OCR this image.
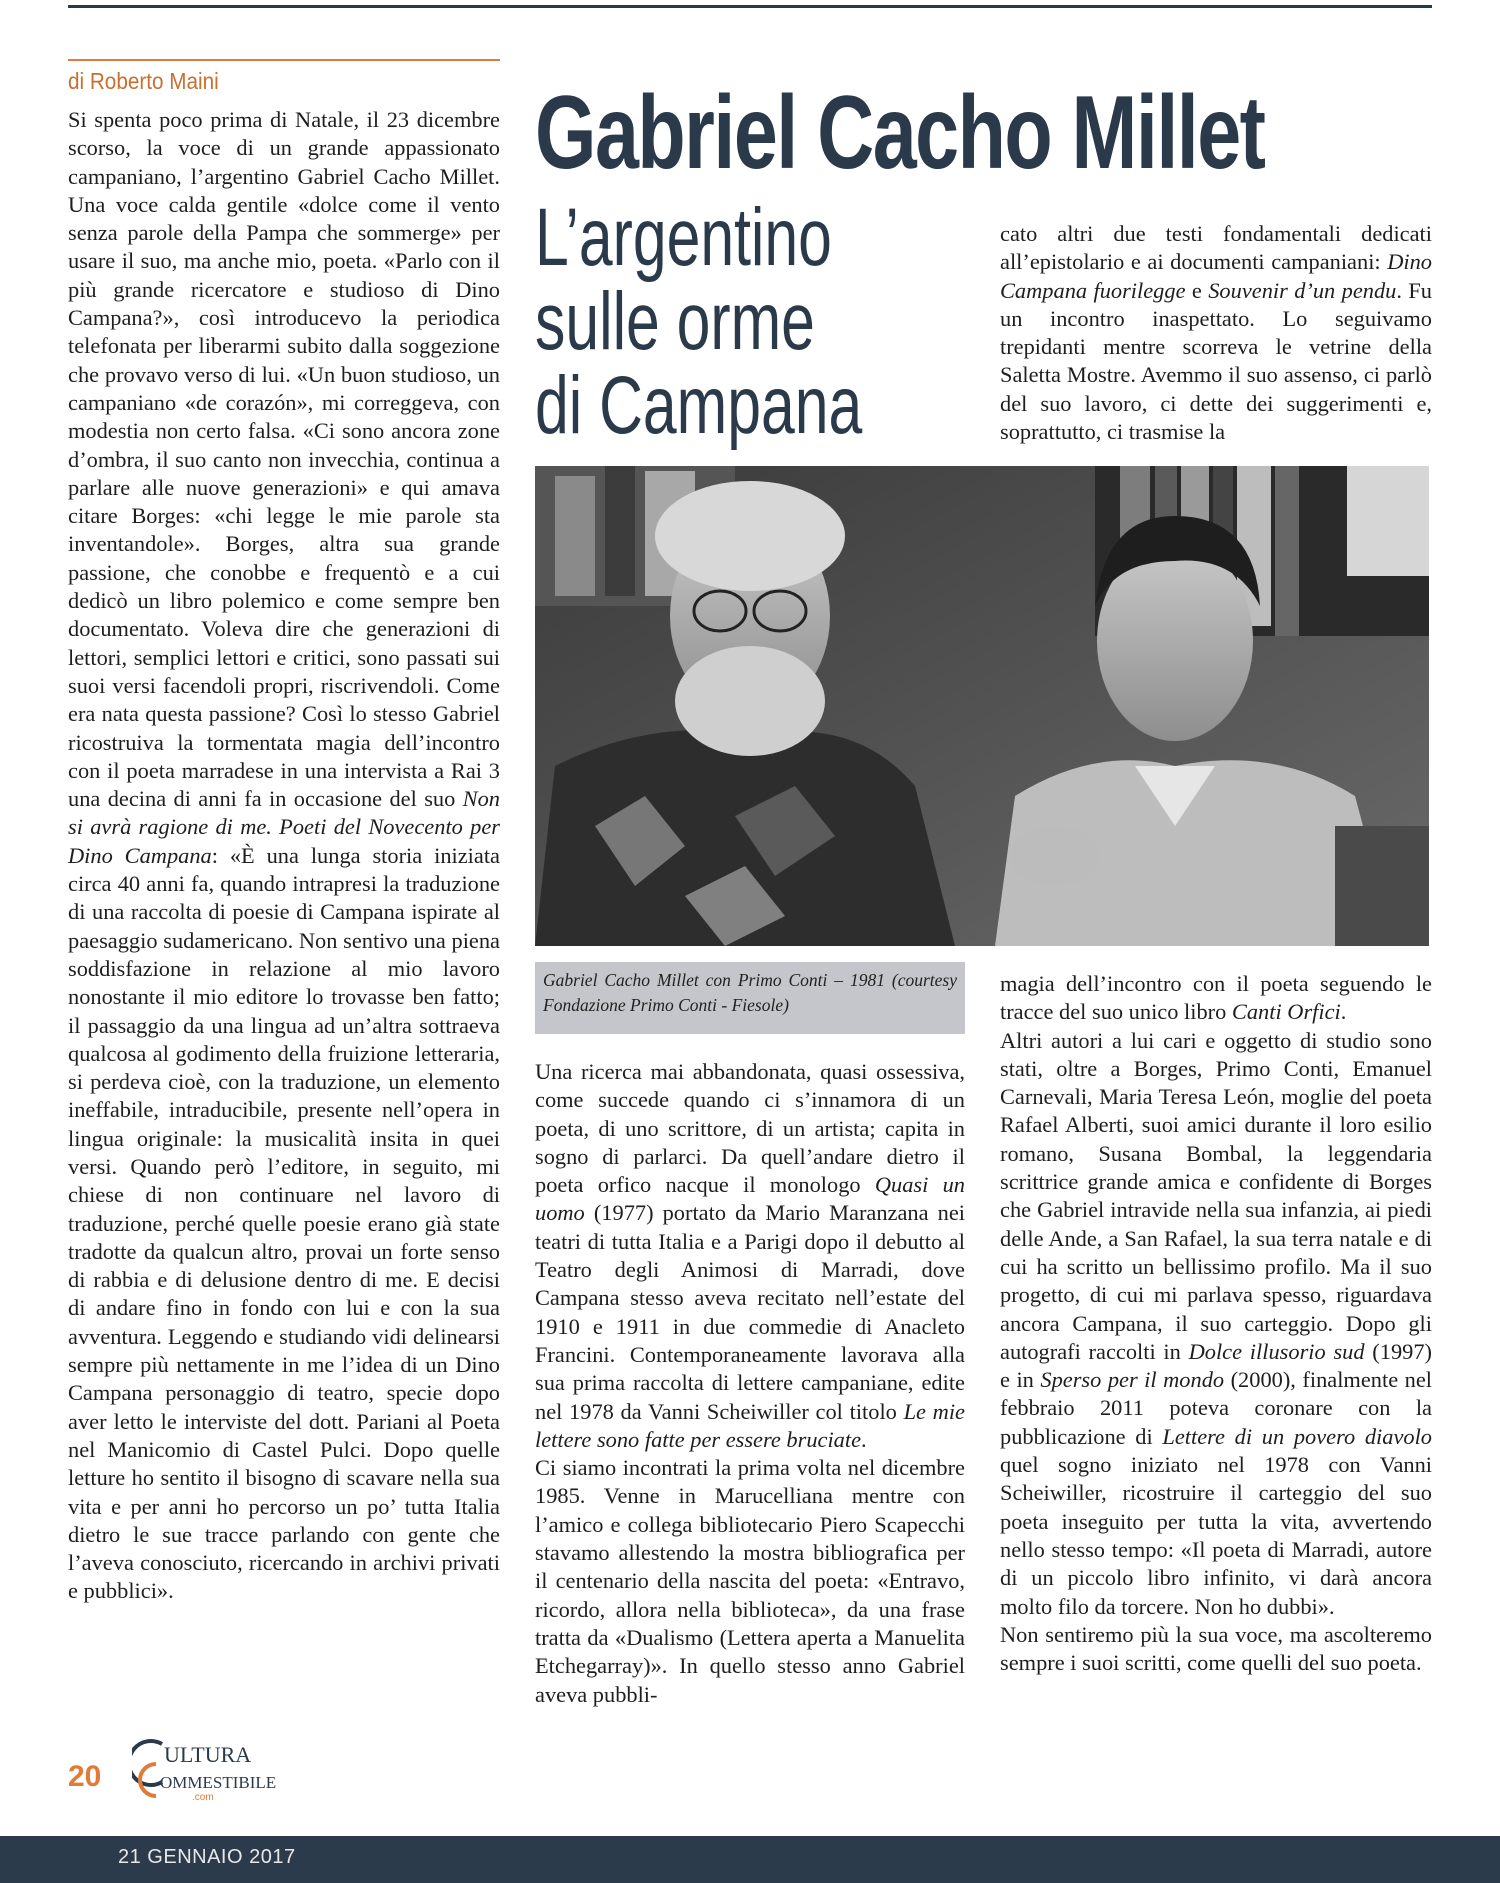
di Roberto Maini

Si spenta poco prima di Natale, il 23 dicembre scorso, la voce di un grande appassionato campaniano, l’argentino Gabriel Cacho Millet. Una voce calda gentile «dolce come il vento senza parole della Pampa che sommerge» per usare il suo, ma anche mio, poeta. «Parlo con il più grande ricercatore e studioso di Dino Campana?», così introducevo la periodica telefonata per liberarmi subito dalla soggezione che provavo verso di lui. «Un buon studioso, un campaniano «de corazón», mi correggeva, con modestia non certo falsa. «Ci sono ancora zone d’ombra, il suo canto non invecchia, continua a parlare alle nuove generazioni» e qui amava citare Borges: «chi legge le mie parole sta inventandole». Borges, altra sua grande passione, che conobbe e frequentò e a cui dedicò un libro polemico e come sempre ben documentato. Voleva dire che generazioni di lettori, semplici lettori e critici, sono passati sui suoi versi facendoli propri, riscrivendoli. Come era nata questa passione? Così lo stesso Gabriel ricostruiva la tormentata magia dell’incontro con il poeta marradese in una intervista a Rai 3 una decina di anni fa in occasione del suo Non si avrà ragione di me. Poeti del Novecento per Dino Campana: «È una lunga storia iniziata circa 40 anni fa, quando intrapresi la traduzione di una raccolta di poesie di Campana ispirate al paesaggio sudamericano. Non sentivo una piena soddisfazione in relazione al mio lavoro nonostante il mio editore lo trovasse ben fatto; il passaggio da una lingua ad un’altra sottraeva qualcosa al godimento della fruizione letteraria, si perdeva cioè, con la traduzione, un elemento ineffabile, intraducibile, presente nell’opera in lingua originale: la musicalità insita in quei versi. Quando però l’editore, in seguito, mi chiese di non continuare nel lavoro di traduzione, perché quelle poesie erano già state tradotte da qualcun altro, provai un forte senso di rabbia e di delusione dentro di me. E decisi di andare fino in fondo con lui e con la sua avventura. Leggendo e studiando vidi delinearsi sempre più nettamente in me l’idea di un Dino Campana personaggio di teatro, specie dopo aver letto le interviste del dott. Pariani al Poeta nel Manicomio di Castel Pulci. Dopo quelle letture ho sentito il bisogno di scavare nella sua vita e per anni ho percorso un po’ tutta Italia dietro le sue tracce parlando con gente che l’aveva conosciuto, ricercando in archivi privati e pubblici».

Gabriel Cacho Millet
L’argentino
sulle orme
di Campana

cato altri due testi fondamentali dedicati all’epistolario e ai documenti campaniani: Dino Campana fuorilegge e Souvenir d’un pendu. Fu un incontro inaspettato. Lo seguivamo trepidanti mentre scorreva le vetrine della Saletta Mostre. Avemmo il suo assenso, ci parlò del suo lavoro, ci dette dei suggerimenti e, soprattutto, ci trasmise la

Gabriel Cacho Millet con Primo Conti – 1981 (courtesy Fondazione Primo Conti - Fiesole)

Una ricerca mai abbandonata, quasi ossessiva, come succede quando ci s’innamora di un poeta, di uno scrittore, di un artista; capita in sogno di parlarci. Da quell’andare dietro il poeta orfico nacque il monologo Quasi un uomo (1977) portato da Mario Maranzana nei teatri di tutta Italia e a Parigi dopo il debutto al Teatro degli Animosi di Marradi, dove Campana stesso aveva recitato nell’estate del 1910 e 1911 in due commedie di Anacleto Francini. Contemporaneamente lavorava alla sua prima raccolta di lettere campaniane, edite nel 1978 da Vanni Scheiwiller col titolo Le mie lettere sono fatte per essere bruciate.

Ci siamo incontrati la prima volta nel dicembre 1985. Venne in Marucelliana mentre con l’amico e collega bibliotecario Piero Scapecchi stavamo allestendo la mostra bibliografica per il centenario della nascita del poeta: «Entravo, ricordo, allora nella biblioteca», da una frase tratta da «Dualismo (Lettera aperta a Manuelita Etchegarray)». In quello stesso anno Gabriel aveva pubbli-

magia dell’incontro con il poeta seguendo le tracce del suo unico libro Canti Orfici.

Altri autori a lui cari e oggetto di studio sono stati, oltre a Borges, Primo Conti, Emanuel Carnevali, Maria Teresa León, moglie del poeta Rafael Alberti, suoi amici durante il loro esilio romano, Susana Bombal, la leggendaria scrittrice grande amica e confidente di Borges che Gabriel intravide nella sua infanzia, ai piedi delle Ande, a San Rafael, la sua terra natale e di cui ha scritto un bellissimo profilo. Ma il suo progetto, di cui mi parlava spesso, riguardava ancora Campana, il suo carteggio. Dopo gli autografi raccolti in Dolce illusorio sud (1997) e in Sperso per il mondo (2000), finalmente nel febbraio 2011 poteva coronare con la pubblicazione di Lettere di un povero diavolo quel sogno iniziato nel 1978 con Vanni Scheiwiller, ricostruire il carteggio del suo poeta inseguito per tutta la vita, avvertendo nello stesso tempo: «Il poeta di Marradi, autore di un piccolo libro infinito, vi darà ancora molto filo da torcere. Non ho dubbi».

Non sentiremo più la sua voce, ma ascolteremo sempre i suoi scritti, come quelli del suo poeta.

20
ULTURA
OMMESTIBILE
.com
21 GENNAIO 2017
